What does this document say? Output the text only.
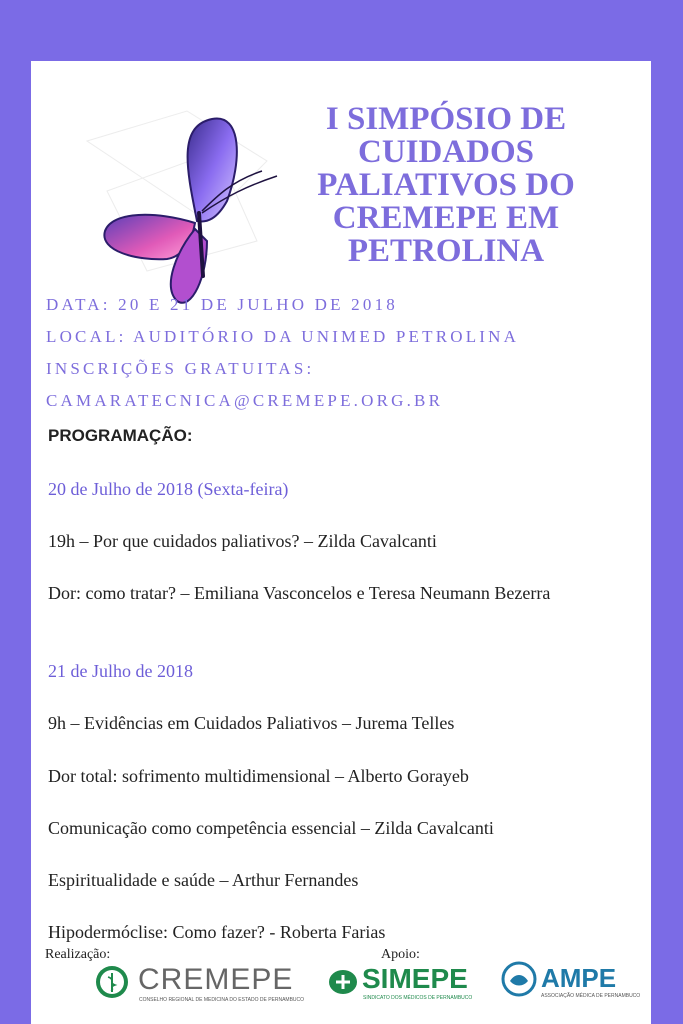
I SIMPÓSIO DE
CUIDADOS
PALIATIVOS DO
CREMEPE EM
PETROLINA
DATA: 20 E 21 DE JULHO DE 2018
LOCAL: AUDITÓRIO DA UNIMED PETROLINA
INSCRIÇÕES GRATUITAS:
CAMARATECNICA@CREMEPE.ORG.BR
PROGRAMAÇÃO:
20 de Julho de 2018 (Sexta-feira)
19h – Por que cuidados paliativos? – Zilda Cavalcanti
Dor: como tratar? – Emiliana Vasconcelos e Teresa Neumann Bezerra
21 de Julho de 2018
9h – Evidências em Cuidados Paliativos – Jurema Telles
Dor total: sofrimento multidimensional – Alberto Gorayeb
Comunicação como competência essencial – Zilda Cavalcanti
Espiritualidade e saúde – Arthur Fernandes
Hipodermóclise: Como fazer? - Roberta Farias
Realização:	Apoio:
CREMEPE
CONSELHO REGIONAL DE MEDICINA DO ESTADO DE PERNAMBUCO
SIMEPE
SINDICATO DOS MÉDICOS DE PERNAMBUCO
AMPE
ASSOCIAÇÃO MÉDICA DE PERNAMBUCO
